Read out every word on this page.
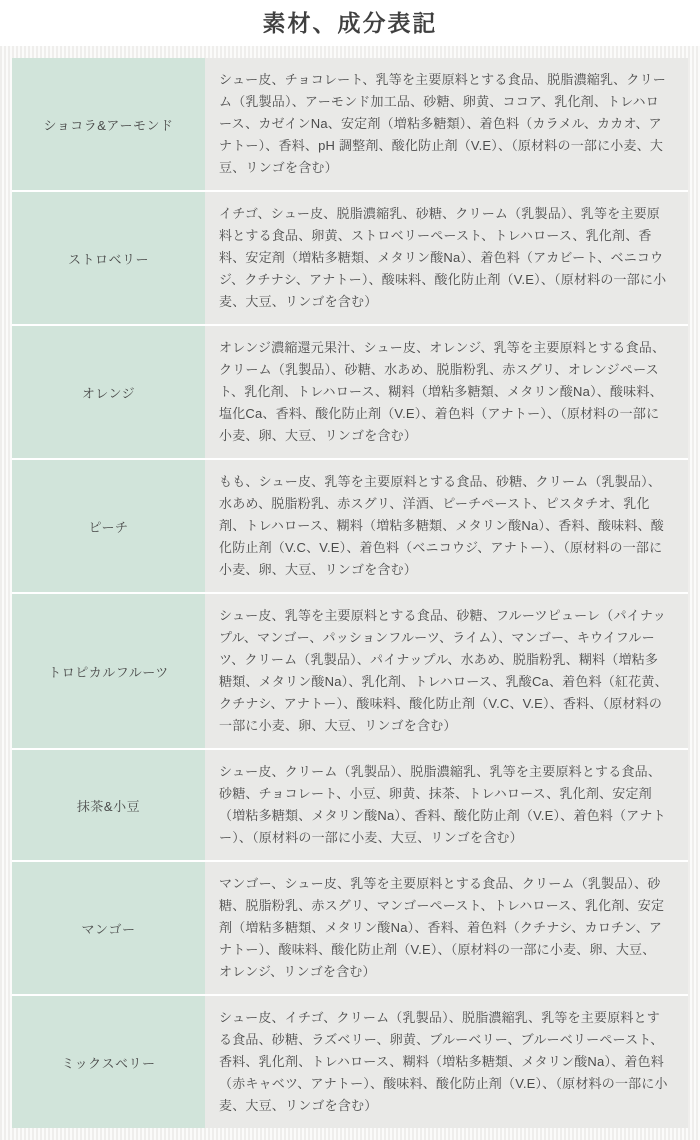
素材、成分表記
ショコラ&アーモンド
シュー皮、チョコレート、乳等を主要原料とする食品、脱脂濃縮乳、クリーム（乳製品）、アーモンド加工品、砂糖、卵黄、ココア、乳化剤、トレハロース、カゼインNa、安定剤（増粘多糖類）、着色料（カラメル、カカオ、アナトー）、香料、pH 調整剤、酸化防止剤（V.E）、（原材料の一部に小麦、大豆、リンゴを含む）
ストロベリー
イチゴ、シュー皮、脱脂濃縮乳、砂糖、クリーム（乳製品）、乳等を主要原料とする食品、卵黄、ストロベリーペースト、トレハロース、乳化剤、香料、安定剤（増粘多糖類、メタリン酸Na）、着色料（アカビート、ベニコウジ、クチナシ、アナトー）、酸味料、酸化防止剤（V.E）、（原材料の一部に小麦、大豆、リンゴを含む）
オレンジ
オレンジ濃縮還元果汁、シュー皮、オレンジ、乳等を主要原料とする食品、クリーム（乳製品）、砂糖、水あめ、脱脂粉乳、赤スグリ、オレンジペースト、乳化剤、トレハロース、糊料（増粘多糖類、メタリン酸Na）、酸味料、塩化Ca、香料、酸化防止剤（V.E）、着色料（アナトー）、（原材料の一部に小麦、卵、大豆、リンゴを含む）
ピーチ
もも、シュー皮、乳等を主要原料とする食品、砂糖、クリーム（乳製品）、水あめ、脱脂粉乳、赤スグリ、洋酒、ピーチペースト、ピスタチオ、乳化剤、トレハロース、糊料（増粘多糖類、メタリン酸Na）、香料、酸味料、酸化防止剤（V.C、V.E）、着色料（ベニコウジ、アナトー）、（原材料の一部に小麦、卵、大豆、リンゴを含む）
トロピカルフルーツ
シュー皮、乳等を主要原料とする食品、砂糖、フルーツピューレ（パイナップル、マンゴー、パッションフルーツ、ライム）、マンゴー、キウイフルーツ、クリーム（乳製品）、パイナップル、水あめ、脱脂粉乳、糊料（増粘多糖類、メタリン酸Na）、乳化剤、トレハロース、乳酸Ca、着色料（紅花黄、クチナシ、アナトー）、酸味料、酸化防止剤（V.C、V.E）、香料、（原材料の一部に小麦、卵、大豆、リンゴを含む）
抹茶&小豆
シュー皮、クリーム（乳製品）、脱脂濃縮乳、乳等を主要原料とする食品、砂糖、チョコレート、小豆、卵黄、抹茶、トレハロース、乳化剤、安定剤（増粘多糖類、メタリン酸Na）、香料、酸化防止剤（V.E）、着色料（アナトー）、（原材料の一部に小麦、大豆、リンゴを含む）
マンゴー
マンゴー、シュー皮、乳等を主要原料とする食品、クリーム（乳製品）、砂糖、脱脂粉乳、赤スグリ、マンゴーペースト、トレハロース、乳化剤、安定剤（増粘多糖類、メタリン酸Na）、香料、着色料（クチナシ、カロチン、アナトー）、酸味料、酸化防止剤（V.E）、（原材料の一部に小麦、卵、大豆、オレンジ、リンゴを含む）
ミックスベリー
シュー皮、イチゴ、クリーム（乳製品）、脱脂濃縮乳、乳等を主要原料とする食品、砂糖、ラズベリー、卵黄、ブルーベリー、ブルーベリーペースト、香料、乳化剤、トレハロース、糊料（増粘多糖類、メタリン酸Na）、着色料（赤キャベツ、アナトー）、酸味料、酸化防止剤（V.E）、（原材料の一部に小麦、大豆、リンゴを含む）
